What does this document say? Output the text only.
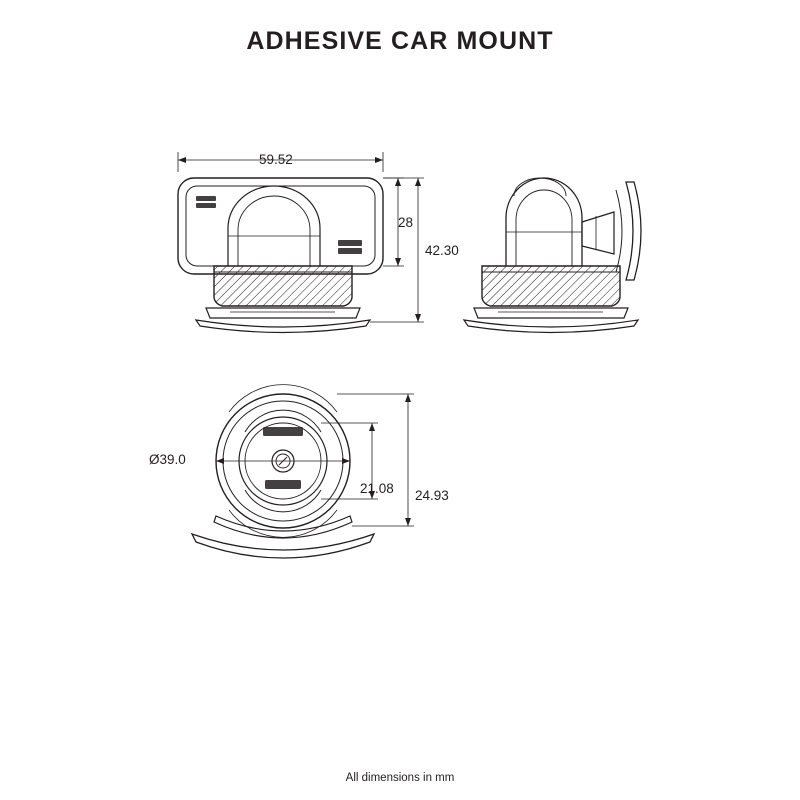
ADHESIVE CAR MOUNT
59.52
28
42.30
Ø39.0
21.08 24.93
All dimensions in mm
